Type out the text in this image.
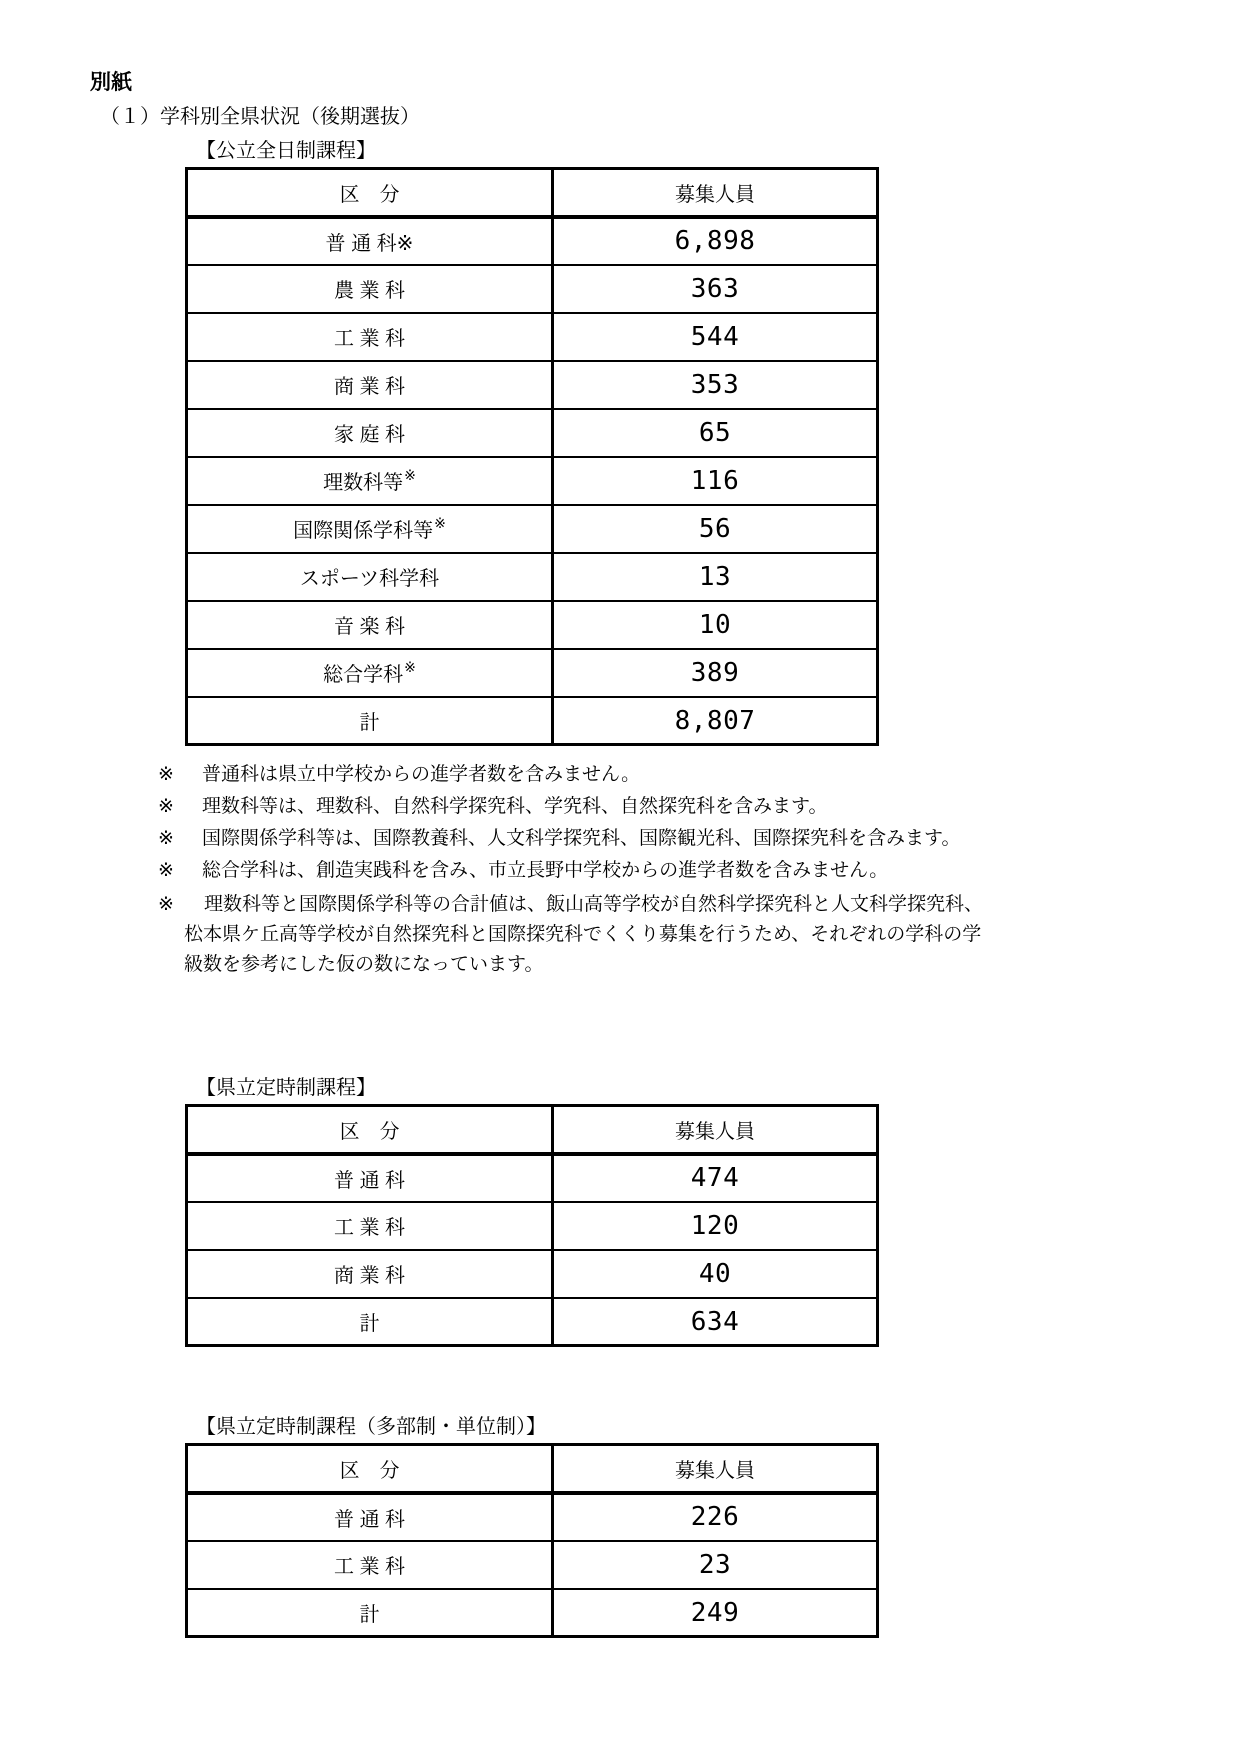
別紙
（１）学科別全県状況（後期選抜）
【公立全日制課程】
区　分	募集人員
普 通 科※	6,898
農 業 科	363
工 業 科	544
商 業 科	353
家 庭 科	65
理数科等※	116
国際関係学科等※	56
スポーツ科学科	13
音 楽 科	10
総合学科※	389
計	8,807
※	普通科は県立中学校からの進学者数を含みません。
※	理数科等は、理数科、自然科学探究科、学究科、自然探究科を含みます。
※	国際関係学科等は、国際教養科、人文科学探究科、国際観光科、国際探究科を含みます。
※	総合学科は、創造実践科を含み、市立長野中学校からの進学者数を含みません。
※	理数科等と国際関係学科等の合計値は、飯山高等学校が自然科学探究科と人文科学探究科、松本県ケ丘高等学校が自然探究科と国際探究科でくくり募集を行うため、それぞれの学科の学級数を参考にした仮の数になっています。
【県立定時制課程】
区　分	募集人員
普 通 科	474
工 業 科	120
商 業 科	40
計	634
【県立定時制課程（多部制・単位制）】
区　分	募集人員
普 通 科	226
工 業 科	23
計	249
